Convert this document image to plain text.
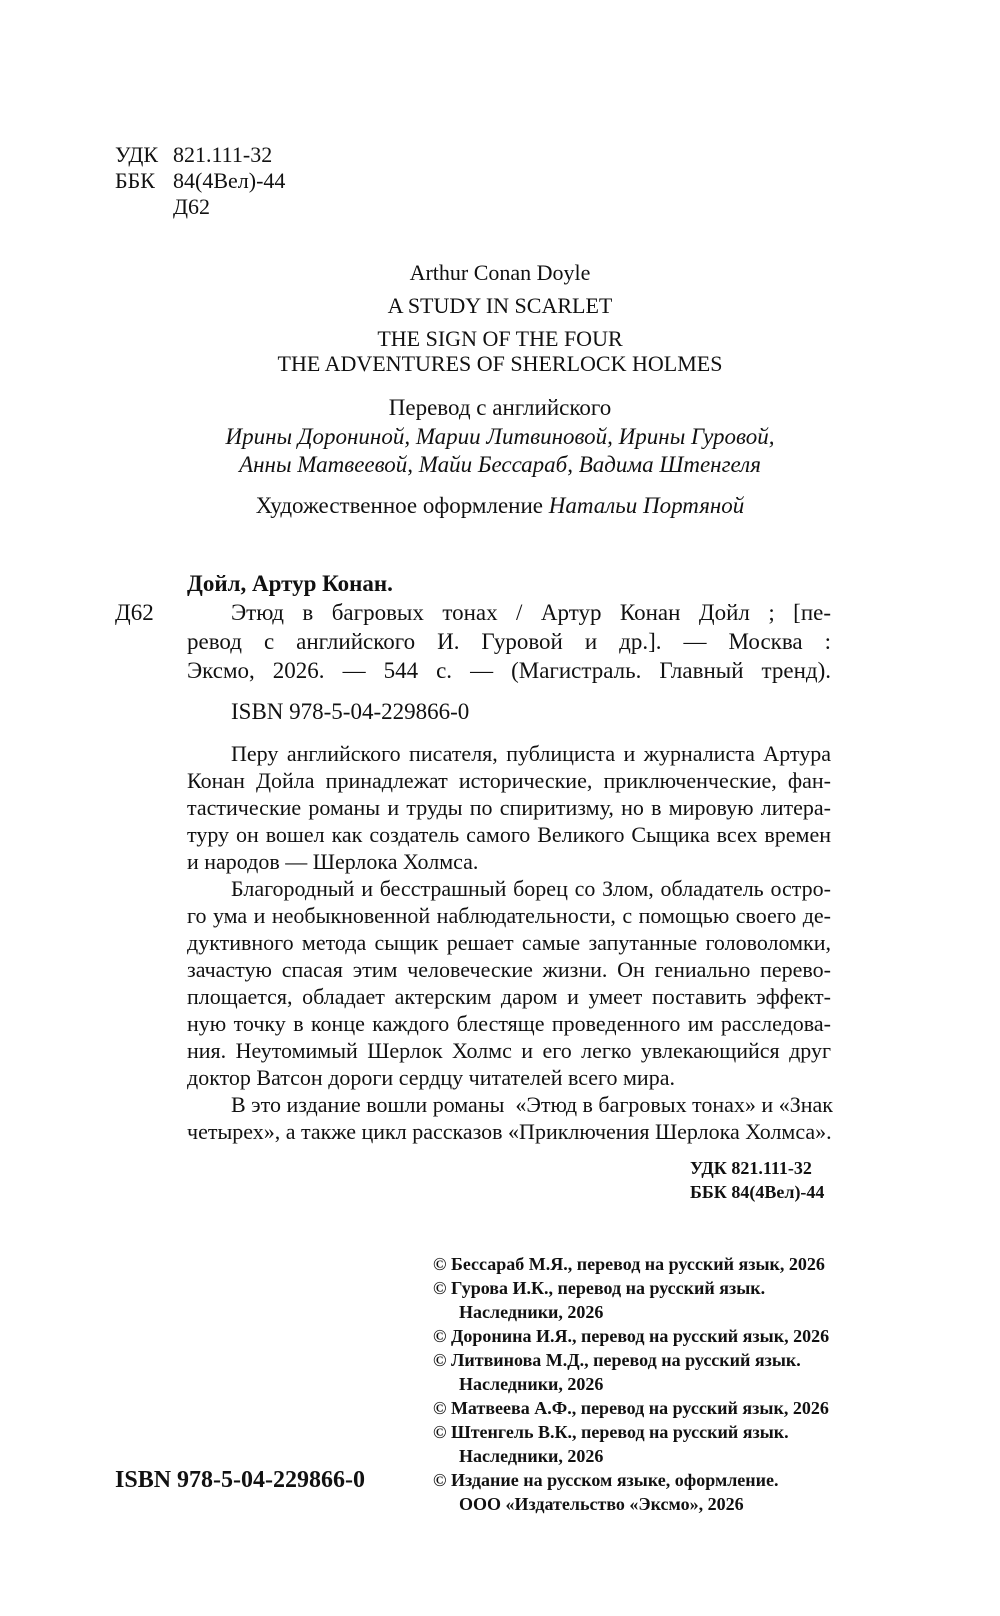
УДК 821.111-32
ББК 84(4Вел)-44
Д62
Arthur Conan Doyle
A STUDY IN SCARLET
THE SIGN OF THE FOUR
THE ADVENTURES OF SHERLOCK HOLMES
Перевод с английского
Ирины Дорониной, Марии Литвиновой, Ирины Гуровой,
Анны Матвеевой, Майи Бессараб, Вадима Штенгеля
Художественное оформление Натальи Портяной
Дойл, Артур Конан.
Д62	Этюд в багровых тонах / Артур Конан Дойл ; [пе-
ревод с английского И. Гуровой и др.]. — Москва :
Эксмо, 2026. — 544 с. — (Магистраль. Главный тренд).
ISBN 978-5-04-229866-0
Перу английского писателя, публициста и журналиста Артура
Конан Дойла принадлежат исторические, приключенческие, фан-
тастические романы и труды по спиритизму, но в мировую литера-
туру он вошел как создатель самого Великого Сыщика всех времен
и народов — Шерлока Холмса.
Благородный и бесстрашный борец со Злом, обладатель остро-
го ума и необыкновенной наблюдательности, с помощью своего де-
дуктивного метода сыщик решает самые запутанные головоломки,
зачастую спасая этим человеческие жизни. Он гениально перево-
площается, обладает актерским даром и умеет поставить эффект-
ную точку в конце каждого блестяще проведенного им расследова-
ния. Неутомимый Шерлок Холмс и его легко увлекающийся друг
доктор Ватсон дороги сердцу читателей всего мира.
В это издание вошли романы  «Этюд в багровых тонах» и «Знак
четырех», а также цикл рассказов «Приключения Шерлока Холмса».
УДК 821.111-32
ББК 84(4Вел)-44
© Бессараб М.Я., перевод на русский язык, 2026
© Гурова И.К., перевод на русский язык.
Наследники, 2026
© Доронина И.Я., перевод на русский язык, 2026
© Литвинова М.Д., перевод на русский язык.
Наследники, 2026
© Матвеева А.Ф., перевод на русский язык, 2026
© Штенгель В.К., перевод на русский язык.
Наследники, 2026
© Издание на русском языке, оформление.
ООО «Издательство «Эксмо», 2026
ISBN 978-5-04-229866-0
